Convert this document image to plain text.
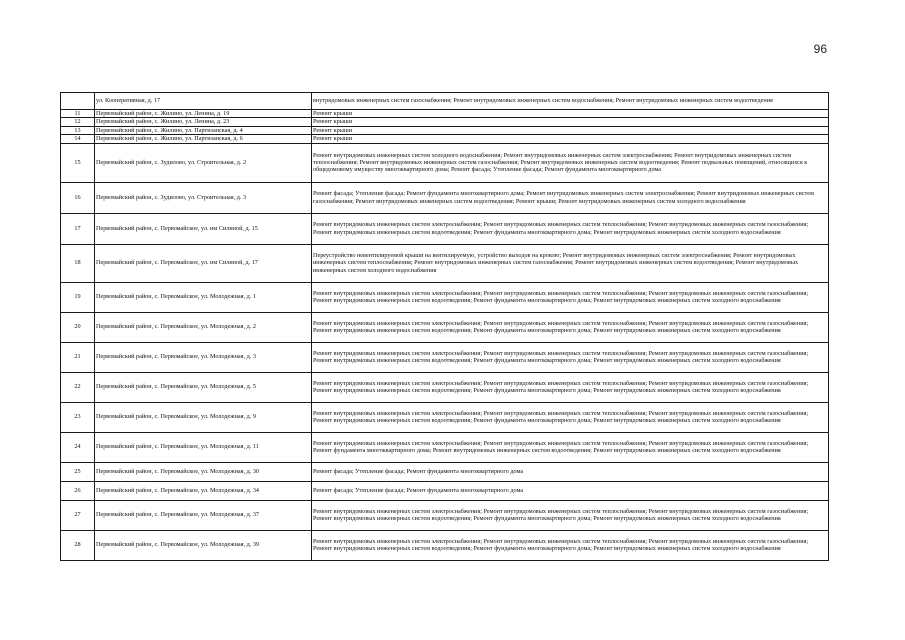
96
	ул. Кооперативная, д. 17	внутридомовых инженерных систем газоснабжения; Ремонт внутридомовых инженерных систем водоснабжения; Ремонт внутридомовых инженерных систем водоотведения
11	Первомайский район, с. Жилино, ул. Ленина, д. 19	Ремонт крыши
12	Первомайский район, с. Жилино, ул. Ленина, д. 23	Ремонт крыши
13	Первомайский район, с. Жилино, ул. Партизанская, д. 4	Ремонт крыши
14	Первомайский район, с. Жилино, ул. Партизанская, д. 6	Ремонт крыши
15	Первомайский район, с. Зудилово, ул. Строительная, д. 2	Ремонт внутридомовых инженерных систем холодного водоснабжения; Ремонт внутридомовых инженерных систем электроснабжения; Ремонт внутридомовых инженерных систем теплоснабжения; Ремонт внутридомовых инженерных систем газоснабжения; Ремонт внутридомовых инженерных систем водоотведения; Ремонт подвальных помещений, относящихся к общедомовому имуществу многоквартирного дома; Ремонт фасада; Утепление фасада; Ремонт фундамента многоквартирного дома
16	Первомайский район, с. Зудилово, ул. Строительная, д. 3	Ремонт фасада; Утепление фасада; Ремонт фундамента многоквартирного дома; Ремонт внутридомовых инженерных систем электроснабжения; Ремонт внутридомовых инженерных систем газоснабжения; Ремонт внутридомовых инженерных систем водоотведения; Ремонт крыши; Ремонт внутридомовых инженерных систем холодного водоснабжения
17	Первомайский район, с. Первомайское, ул. им Силиной, д. 15	Ремонт внутридомовых инженерных систем электроснабжения; Ремонт внутридомовых инженерных систем теплоснабжения; Ремонт внутридомовых инженерных систем газоснабжения; Ремонт внутридомовых инженерных систем водоотведения; Ремонт фундамента многоквартирного дома; Ремонт внутридомовых инженерных систем холодного водоснабжения
18	Первомайский район, с. Первомайское, ул. им Силиной, д. 17	Переустройство невентилируемой крыши на вентилируемую, устройство выходов на кровлю; Ремонт внутридомовых инженерных систем электроснабжения; Ремонт внутридомовых инженерных систем теплоснабжения; Ремонт внутридомовых инженерных систем газоснабжения; Ремонт внутридомовых инженерных систем водоотведения; Ремонт внутридомовых инженерных систем холодного водоснабжения
19	Первомайский район, с. Первомайское, ул. Молодежная, д. 1	Ремонт внутридомовых инженерных систем электроснабжения; Ремонт внутридомовых инженерных систем теплоснабжения; Ремонт внутридомовых инженерных систем газоснабжения; Ремонт внутридомовых инженерных систем водоотведения; Ремонт фундамента многоквартирного дома; Ремонт внутридомовых инженерных систем холодного водоснабжения
20	Первомайский район, с. Первомайское, ул. Молодежная, д. 2	Ремонт внутридомовых инженерных систем электроснабжения; Ремонт внутридомовых инженерных систем теплоснабжения; Ремонт внутридомовых инженерных систем газоснабжения; Ремонт внутридомовых инженерных систем водоотведения; Ремонт фундамента многоквартирного дома; Ремонт внутридомовых инженерных систем холодного водоснабжения
21	Первомайский район, с. Первомайское, ул. Молодежная, д. 3	Ремонт внутридомовых инженерных систем электроснабжения; Ремонт внутридомовых инженерных систем теплоснабжения; Ремонт внутридомовых инженерных систем газоснабжения; Ремонт внутридомовых инженерных систем водоотведения; Ремонт фундамента многоквартирного дома; Ремонт внутридомовых инженерных систем холодного водоснабжения
22	Первомайский район, с. Первомайское, ул. Молодежная, д. 5	Ремонт внутридомовых инженерных систем электроснабжения; Ремонт внутридомовых инженерных систем теплоснабжения; Ремонт внутридомовых инженерных систем газоснабжения; Ремонт внутридомовых инженерных систем водоотведения; Ремонт фундамента многоквартирного дома; Ремонт внутридомовых инженерных систем холодного водоснабжения
23	Первомайский район, с. Первомайское, ул. Молодежная, д. 9	Ремонт внутридомовых инженерных систем электроснабжения; Ремонт внутридомовых инженерных систем теплоснабжения; Ремонт внутридомовых инженерных систем газоснабжения; Ремонт внутридомовых инженерных систем водоотведения; Ремонт фундамента многоквартирного дома; Ремонт внутридомовых инженерных систем холодного водоснабжения
24	Первомайский район, с. Первомайское, ул. Молодежная, д. 11	Ремонт внутридомовых инженерных систем электроснабжения; Ремонт внутридомовых инженерных систем теплоснабжения; Ремонт внутридомовых инженерных систем газоснабжения; Ремонт фундамента многоквартирного дома; Ремонт внутридомовых инженерных систем водоотведения; Ремонт внутридомовых инженерных систем холодного водоснабжения
25	Первомайский район, с. Первомайское, ул. Молодежная, д. 30	Ремонт фасада; Утепление фасада; Ремонт фундамента многоквартирного дома
26	Первомайский район, с. Первомайское, ул. Молодежная, д. 34	Ремонт фасада; Утепление фасада; Ремонт фундамента многоквартирного дома
27	Первомайский район, с. Первомайское, ул. Молодежная, д. 37	Ремонт внутридомовых инженерных систем электроснабжения; Ремонт внутридомовых инженерных систем теплоснабжения; Ремонт внутридомовых инженерных систем газоснабжения; Ремонт внутридомовых инженерных систем водоотведения; Ремонт фундамента многоквартирного дома; Ремонт внутридомовых инженерных систем холодного водоснабжения
28	Первомайский район, с. Первомайское, ул. Молодежная, д. 39	Ремонт внутридомовых инженерных систем электроснабжения; Ремонт внутридомовых инженерных систем теплоснабжения; Ремонт внутридомовых инженерных систем газоснабжения; Ремонт внутридомовых инженерных систем водоотведения; Ремонт фундамента многоквартирного дома; Ремонт внутридомовых инженерных систем холодного водоснабжения
